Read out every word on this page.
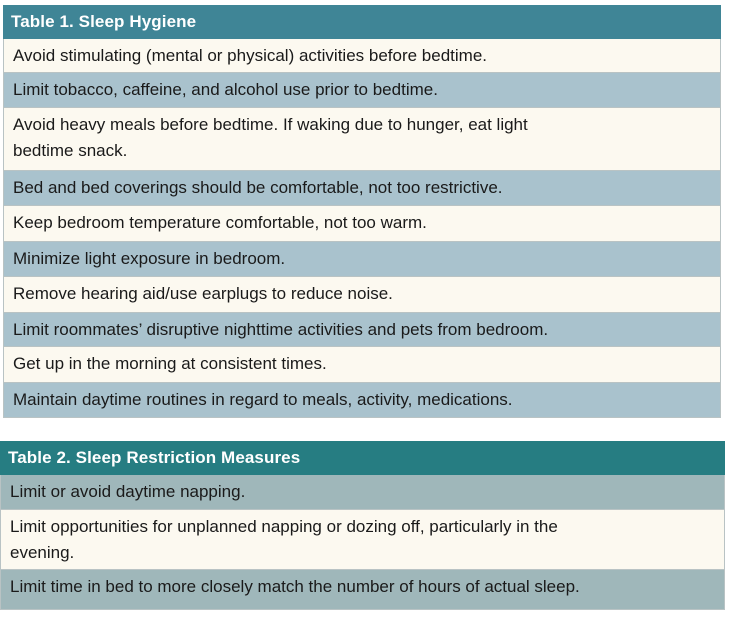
Table 1. Sleep Hygiene
Avoid stimulating (mental or physical) activities before bedtime.
Limit tobacco, caffeine, and alcohol use prior to bedtime.
Avoid heavy meals before bedtime. If waking due to hunger, eat light bedtime snack.
Bed and bed coverings should be comfortable, not too restrictive.
Keep bedroom temperature comfortable, not too warm.
Minimize light exposure in bedroom.
Remove hearing aid/use earplugs to reduce noise.
Limit roommates’ disruptive nighttime activities and pets from bedroom.
Get up in the morning at consistent times.
Maintain daytime routines in regard to meals, activity, medications.
Table 2. Sleep Restriction Measures
Limit or avoid daytime napping.
Limit opportunities for unplanned napping or dozing off, particularly in the evening.
Limit time in bed to more closely match the number of hours of actual sleep.
